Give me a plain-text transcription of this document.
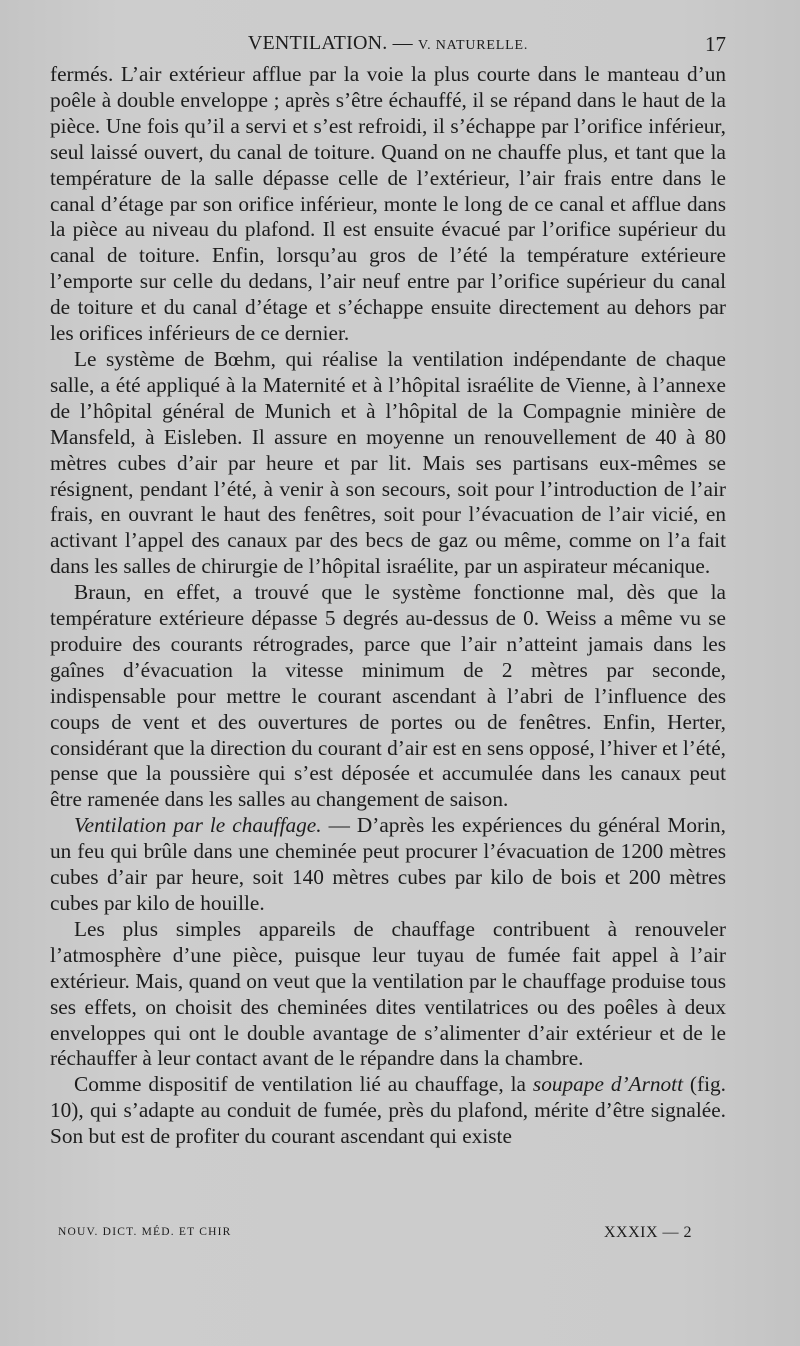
VENTILATION. — V. NATURELLE.	17

fermés. L’air extérieur afflue par la voie la plus courte dans le manteau d’un poêle à double enveloppe ; après s’être échauffé, il se répand dans le haut de la pièce. Une fois qu’il a servi et s’est refroidi, il s’échappe par l’orifice inférieur, seul laissé ouvert, du canal de toiture. Quand on ne chauffe plus, et tant que la température de la salle dépasse celle de l’extérieur, l’air frais entre dans le canal d’étage par son orifice inférieur, monte le long de ce canal et afflue dans la pièce au niveau du plafond. Il est ensuite évacué par l’orifice supérieur du canal de toiture. Enfin, lorsqu’au gros de l’été la température extérieure l’emporte sur celle du dedans, l’air neuf entre par l’orifice supérieur du canal de toiture et du canal d’étage et s’échappe ensuite directement au dehors par les orifices inférieurs de ce dernier.

Le système de Bœhm, qui réalise la ventilation indépendante de chaque salle, a été appliqué à la Maternité et à l’hôpital israélite de Vienne, à l’annexe de l’hôpital général de Munich et à l’hôpital de la Compagnie minière de Mansfeld, à Eisleben. Il assure en moyenne un renouvellement de 40 à 80 mètres cubes d’air par heure et par lit. Mais ses partisans eux-mêmes se résignent, pendant l’été, à venir à son secours, soit pour l’introduction de l’air frais, en ouvrant le haut des fenêtres, soit pour l’évacuation de l’air vicié, en activant l’appel des canaux par des becs de gaz ou même, comme on l’a fait dans les salles de chirurgie de l’hôpital israélite, par un aspirateur mécanique.

Braun, en effet, a trouvé que le système fonctionne mal, dès que la température extérieure dépasse 5 degrés au-dessus de 0. Weiss a même vu se produire des courants rétrogrades, parce que l’air n’atteint jamais dans les gaînes d’évacuation la vitesse minimum de 2 mètres par seconde, indispensable pour mettre le courant ascendant à l’abri de l’influence des coups de vent et des ouvertures de portes ou de fenêtres. Enfin, Herter, considérant que la direction du courant d’air est en sens opposé, l’hiver et l’été, pense que la poussière qui s’est déposée et accumulée dans les canaux peut être ramenée dans les salles au changement de saison.

Ventilation par le chauffage. — D’après les expériences du général Morin, un feu qui brûle dans une cheminée peut procurer l’évacuation de 1200 mètres cubes d’air par heure, soit 140 mètres cubes par kilo de bois et 200 mètres cubes par kilo de houille.

Les plus simples appareils de chauffage contribuent à renouveler l’atmosphère d’une pièce, puisque leur tuyau de fumée fait appel à l’air extérieur. Mais, quand on veut que la ventilation par le chauffage produise tous ses effets, on choisit des cheminées dites ventilatrices ou des poêles à deux enveloppes qui ont le double avantage de s’alimenter d’air extérieur et de le réchauffer à leur contact avant de le répandre dans la chambre.

Comme dispositif de ventilation lié au chauffage, la soupape d’Arnott (fig. 10), qui s’adapte au conduit de fumée, près du plafond, mérite d’être signalée. Son but est de profiter du courant ascendant qui existe

NOUV. DICT. MÉD. ET CHIR	XXXIX — 2
